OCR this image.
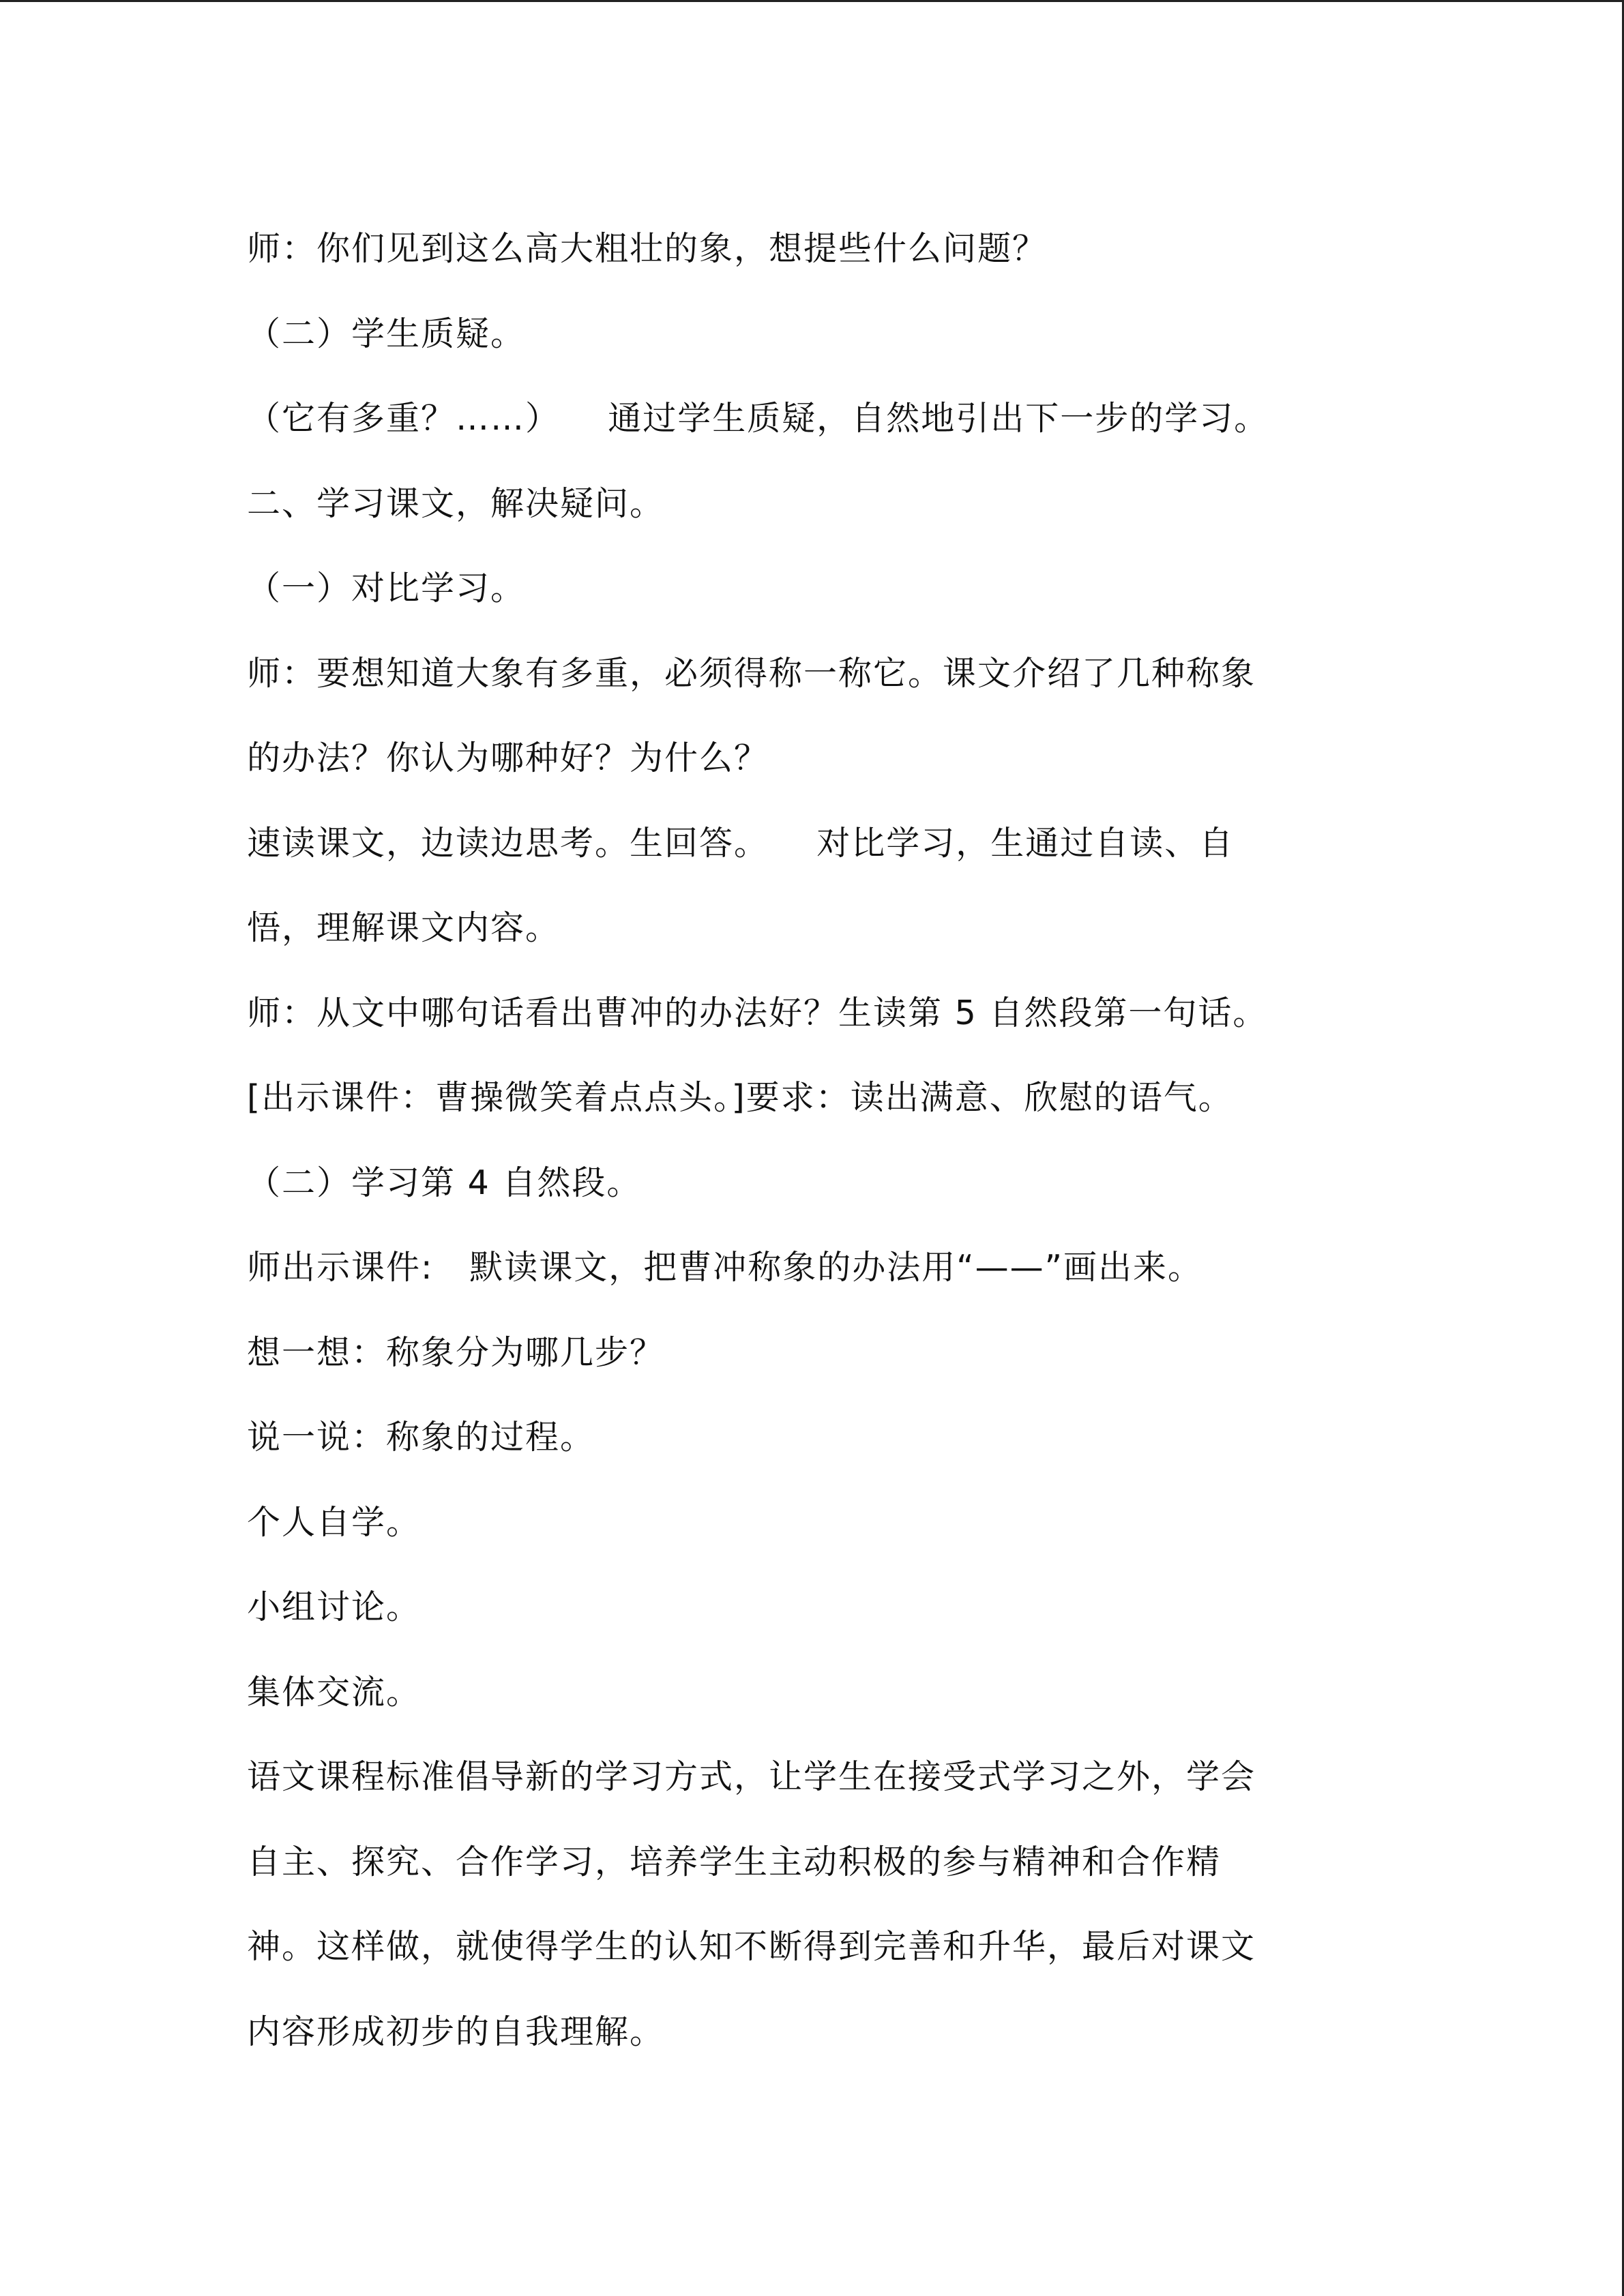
师：你们见到这么高大粗壮的象，想提些什么问题？
（二）学生质疑。
（它有多重？……）    通过学生质疑，自然地引出下一步的学习。
二、学习课文，解决疑问。
（一）对比学习。
师：要想知道大象有多重，必须得称一称它。课文介绍了几种称象
的办法？你认为哪种好？为什么？
速读课文，边读边思考。生回答。    对比学习，生通过自读、自
悟，理解课文内容。
师：从文中哪句话看出曹冲的办法好？生读第 5 自然段第一句话。
[出示课件：曹操微笑着点点头。]要求：读出满意、欣慰的语气。
（二）学习第 4 自然段。
师出示课件:   默读课文，把曹冲称象的办法用“——”画出来。
想一想：称象分为哪几步？
说一说：称象的过程。
个人自学。
小组讨论。
集体交流。
语文课程标准倡导新的学习方式，让学生在接受式学习之外，学会
自主、探究、合作学习，培养学生主动积极的参与精神和合作精
神。这样做，就使得学生的认知不断得到完善和升华，最后对课文
内容形成初步的自我理解。
